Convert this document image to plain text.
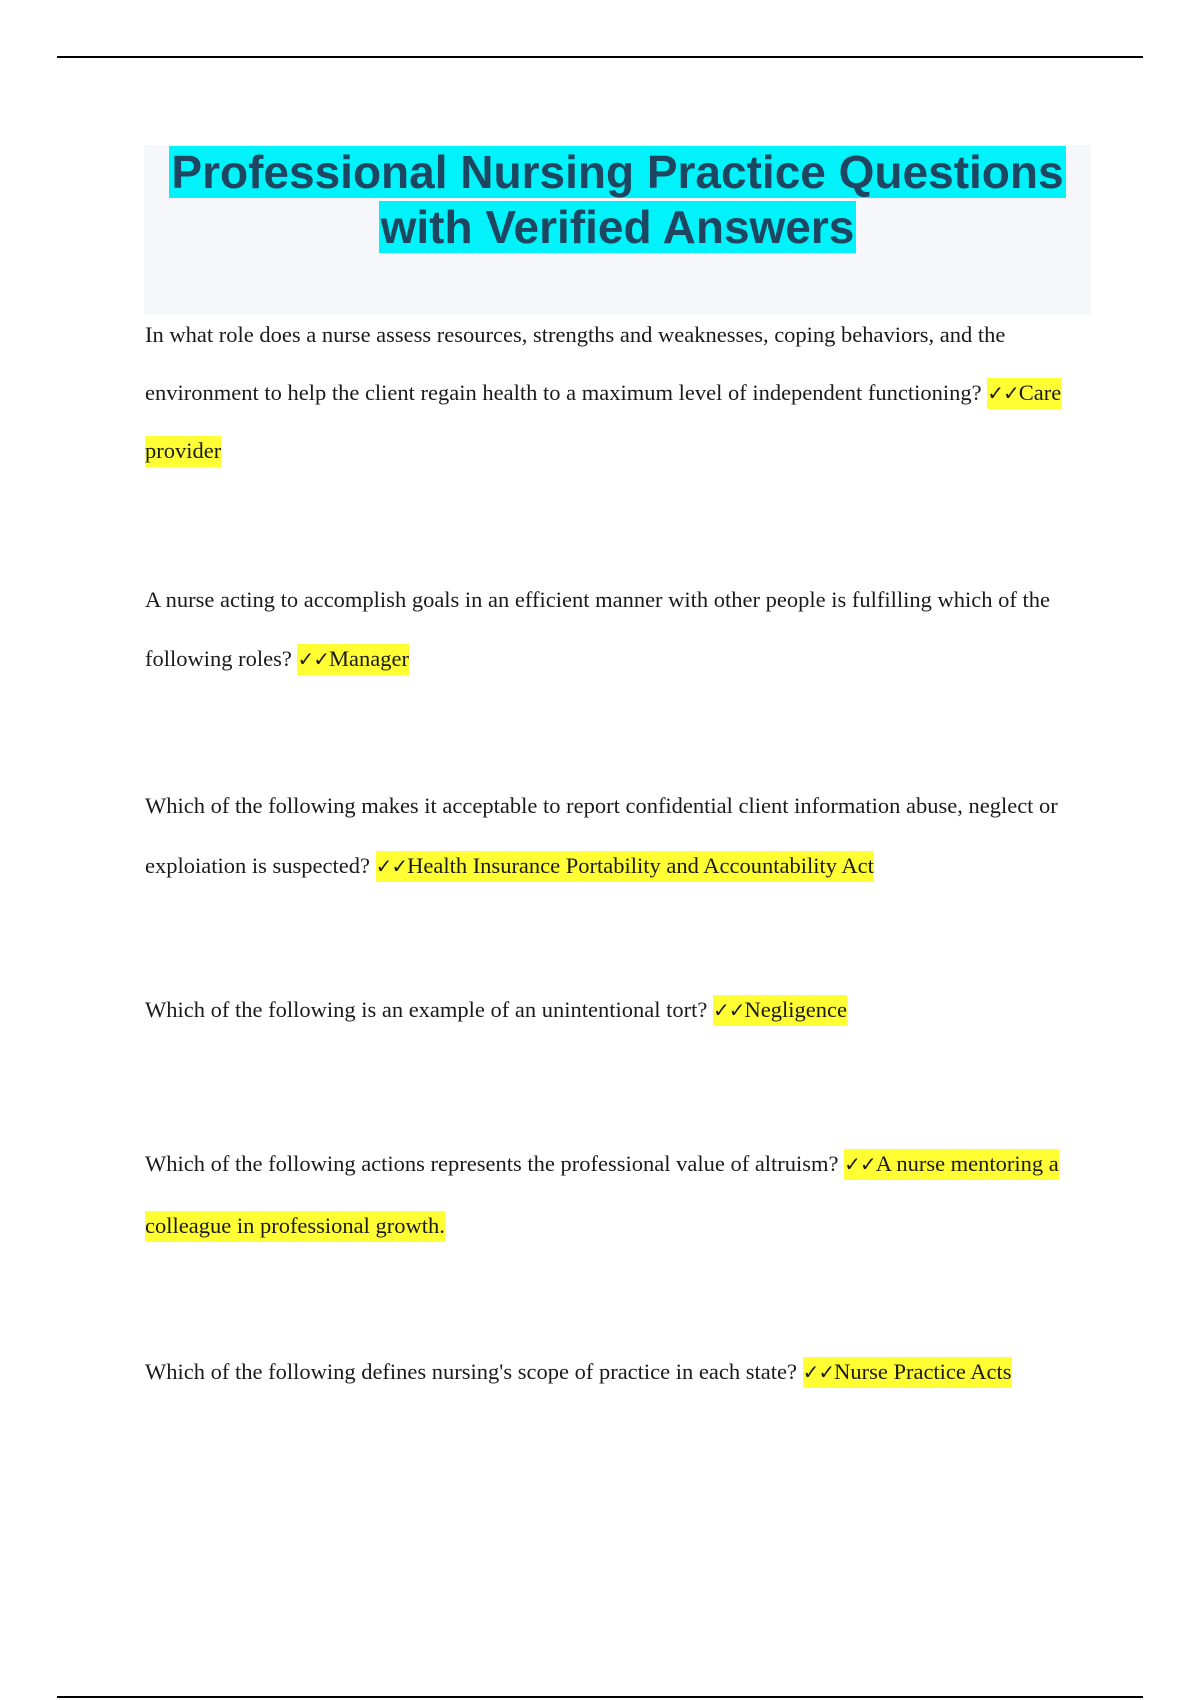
Professional Nursing Practice Questions
with Verified Answers

In what role does a nurse assess resources, strengths and weaknesses, coping behaviors, and the environment to help the client regain health to a maximum level of independent functioning? ✓✓Care provider

A nurse acting to accomplish goals in an efficient manner with other people is fulfilling which of the following roles? ✓✓Manager

Which of the following makes it acceptable to report confidential client information abuse, neglect or exploiation is suspected? ✓✓Health Insurance Portability and Accountability Act

Which of the following is an example of an unintentional tort? ✓✓Negligence

Which of the following actions represents the professional value of altruism? ✓✓A nurse mentoring a colleague in professional growth.

Which of the following defines nursing's scope of practice in each state? ✓✓Nurse Practice Acts
